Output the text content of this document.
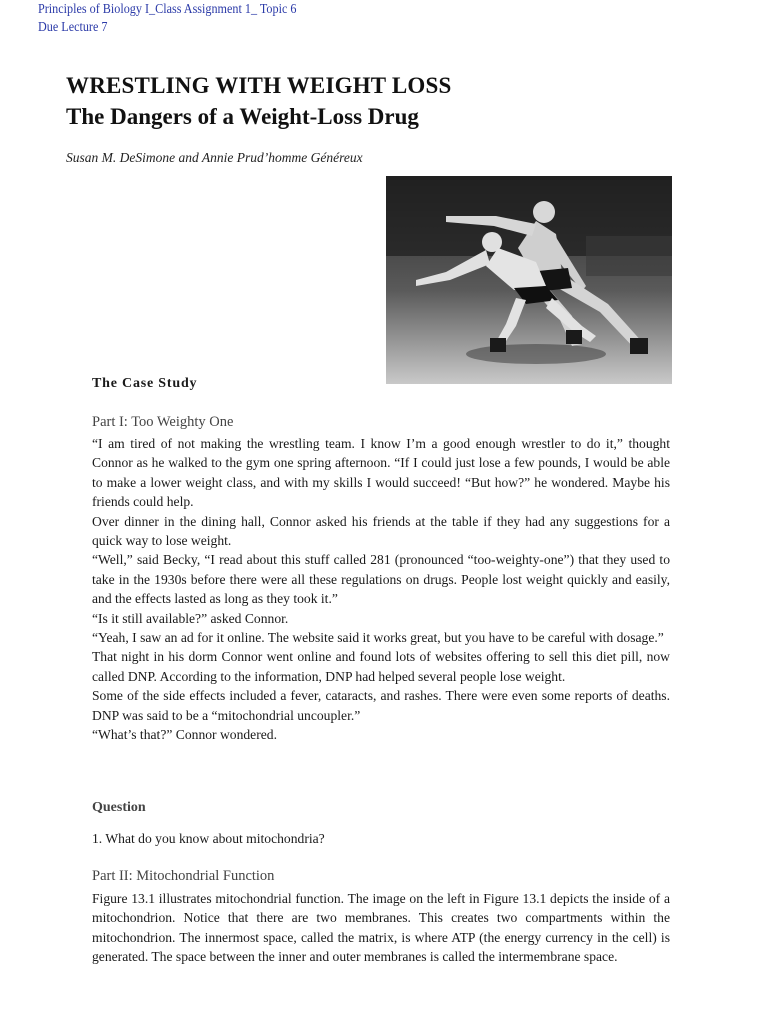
Principles of Biology I_Class Assignment 1_ Topic 6
Due Lecture 7
WRESTLING WITH WEIGHT LOSS
The Dangers of a Weight-Loss Drug
Susan M. DeSimone and Annie Prud’homme Généreux
The Case Study
Part I: Too Weighty One

“I am tired of not making the wrestling team. I know I’m a good enough wrestler to do it,” thought Connor as he walked to the gym one spring afternoon. “If I could just lose a few pounds, I would be able to make a lower weight class, and with my skills I would succeed! “But how?” he wondered. Maybe his friends could help.

Over dinner in the dining hall, Connor asked his friends at the table if they had any suggestions for a quick way to lose weight.

“Well,” said Becky, “I read about this stuff called 281 (pronounced “too-weighty-one”) that they used to take in the 1930s before there were all these regulations on drugs. People lost weight quickly and easily, and the effects lasted as long as they took it.”

“Is it still available?” asked Connor.

“Yeah, I saw an ad for it online. The website said it works great, but you have to be careful with dosage.”

That night in his dorm Connor went online and found lots of websites offering to sell this diet pill, now called DNP. According to the information, DNP had helped several people lose weight.

Some of the side effects included a fever, cataracts, and rashes. There were even some reports of deaths. DNP was said to be a “mitochondrial uncoupler.”

“What’s that?” Connor wondered.

Question
1. What do you know about mitochondria?
Part II: Mitochondrial Function

Figure 13.1 illustrates mitochondrial function. The image on the left in Figure 13.1 depicts the inside of a mitochondrion. Notice that there are two membranes. This creates two compartments within the mitochondrion. The innermost space, called the matrix, is where ATP (the energy currency in the cell) is generated. The space between the inner and outer membranes is called the intermembrane space.
